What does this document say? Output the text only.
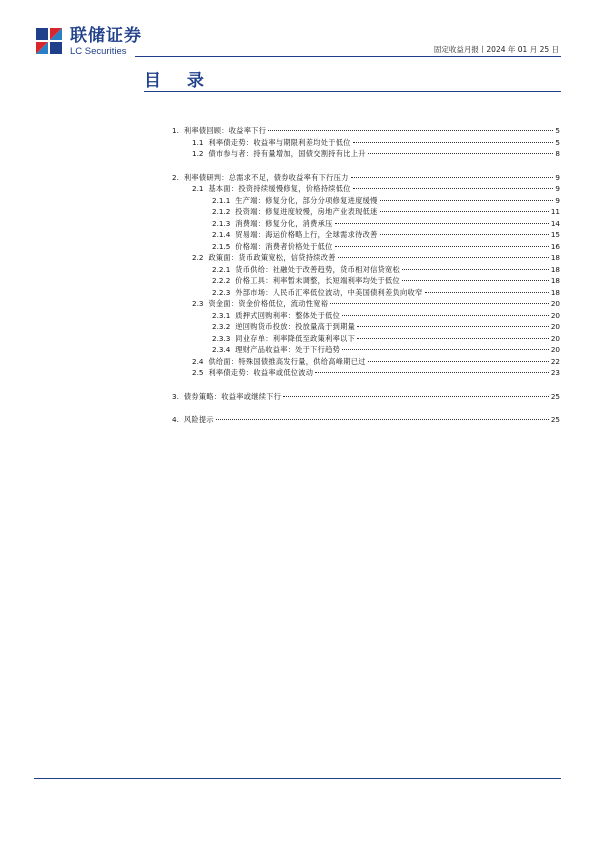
联储证券
LC Securities	固定收益月报丨2024 年 01 月 25 日
目 录
1. 利率债回顾：收益率下行	5
1.1 利率债走势：收益率与期限利差均处于低位	5
1.2 债市参与者：持有量增加，国债交割持有比上升	8
2. 利率债研判：总需求不足，债券收益率有下行压力	9
2.1 基本面：投资持续缓慢修复，价格持续低位	9
2.1.1 生产端：修复分化，部分分项修复进度缓慢	9
2.1.2 投资端：修复进度较慢，房地产业表现低迷	11
2.1.3 消费端：修复分化，消费承压	14
2.1.4 贸易端：海运价格略上行，全球需求待改善	15
2.1.5 价格端：消费者价格处于低位	16
2.2 政策面：货币政策宽松，信贷持续改善	18
2.2.1 货币供给：社融处于改善趋势，货币相对信贷宽松	18
2.2.2 价格工具：利率暂未调整，长短端利率均处于低位	18
2.2.3 外部市场：人民币汇率低位波动，中美国债利差负向收窄	18
2.3 资金面：资金价格低位，流动性宽裕	20
2.3.1 质押式回购利率：整体处于低位	20
2.3.2 逆回购货币投放：投放量高于到期量	20
2.3.3 同业存单：利率降低至政策利率以下	20
2.3.4 理财产品收益率：处于下行趋势	20
2.4 供给面：特殊国债推高发行量，供给高峰期已过	22
2.5 利率债走势：收益率或低位波动	23
3. 债券策略：收益率或继续下行	25
4. 风险提示	25
